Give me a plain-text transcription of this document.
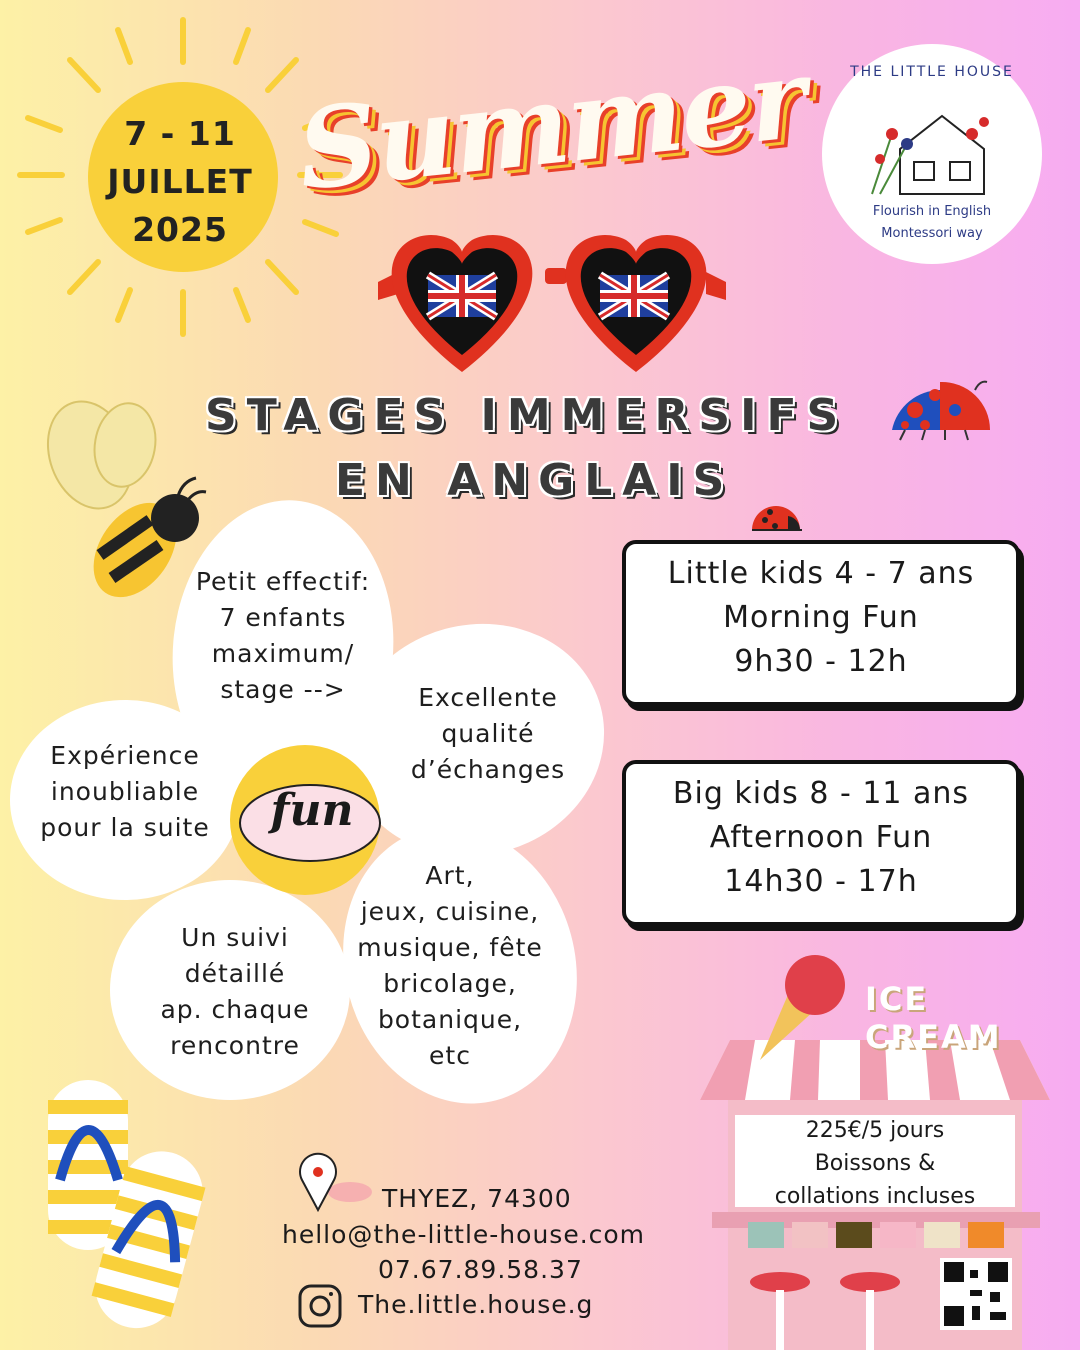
7 - 11
JUILLET
2025
Summer	THE LITTLE HOUSE
Flourish in English
Montessori way
STAGES IMMERSIFS
EN ANGLAIS
Petit effectif:
7 enfants
maximum/
stage -->	Excellente
qualité
d’échanges
Art,
jeux, cuisine,
musique, fête
bricolage,
botanique,
etc
Un suivi
détaillé
ap. chaque
rencontre
Expérience
inoubliable
pour la suite	fun
Little kids 4 - 7 ans
Morning Fun
9h30 - 12h
Big kids 8 - 11 ans
Afternoon Fun
14h30 - 17h
ICE
CREAM
225€/5 jours
Boissons &
collations incluses
THYEZ, 74300
hello@the-little-house.com
07.67.89.58.37
The.little.house.g
